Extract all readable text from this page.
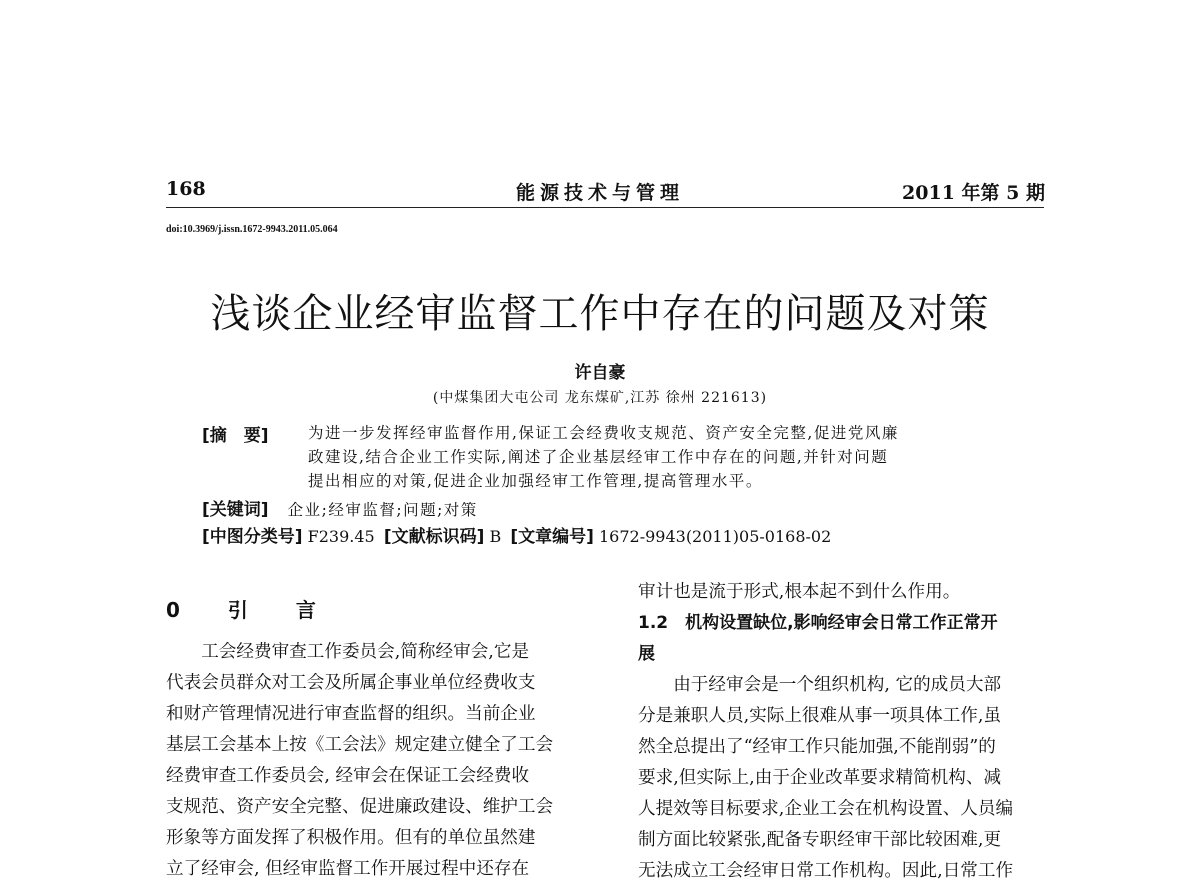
168	能源技术与管理	2011 年第 5 期
doi:10.3969/j.issn.1672-9943.2011.05.064
浅谈企业经审监督工作中存在的问题及对策
许自豪
(中煤集团大屯公司 龙东煤矿,江苏 徐州 221613)
[摘　要]	为进一步发挥经审监督作用,保证工会经费收支规范、资产安全完整,促进党风廉
政建设,结合企业工作实际,阐述了企业基层经审工作中存在的问题,并针对问题
提出相应的对策,促进企业加强经审工作管理,提高管理水平。
[关键词] 企业;经审监督;问题;对策
[中图分类号] F239.45 [文献标识码] B [文章编号] 1672-9943(2011)05-0168-02
0　引　言
　　工会经费审查工作委员会,简称经审会,它是
代表会员群众对工会及所属企事业单位经费收支
和财产管理情况进行审查监督的组织。当前企业
基层工会基本上按《工会法》规定建立健全了工会
经费审查工作委员会, 经审会在保证工会经费收
支规范、资产安全完整、促进廉政建设、维护工会
形象等方面发挥了积极作用。但有的单位虽然建
立了经审会, 但经审监督工作开展过程中还存在
审计也是流于形式,根本起不到什么作用。
1.2　机构设置缺位,影响经审会日常工作正常开
展
　　由于经审会是一个组织机构, 它的成员大部
分是兼职人员,实际上很难从事一项具体工作,虽
然全总提出了“经审工作只能加强,不能削弱”的
要求,但实际上,由于企业改革要求精简机构、减
人提效等目标要求,企业工会在机构设置、人员编
制方面比较紧张,配备专职经审干部比较困难,更
无法成立工会经审日常工作机构。因此,日常工作
